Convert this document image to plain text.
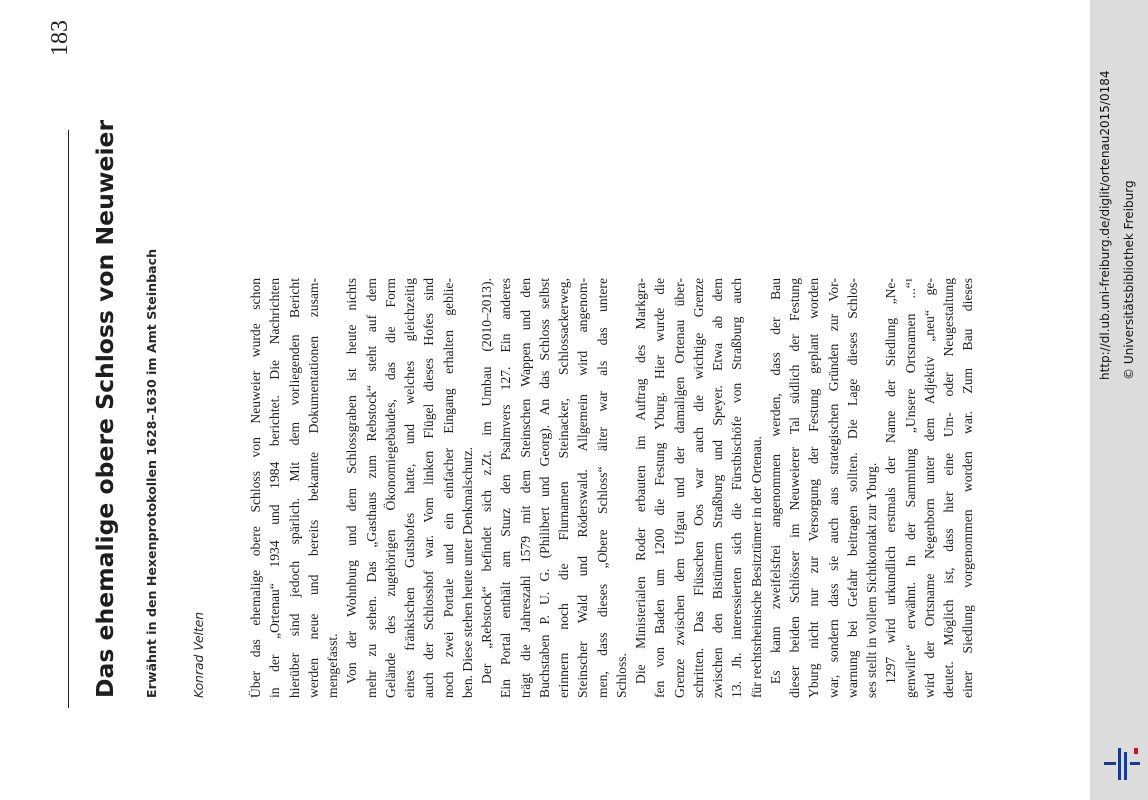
183
Das ehemalige obere Schloss von Neuweier Erwähnt in den Hexenprotokollen 1628–1630 im Amt Steinbach	Konrad Velten	Über das ehemalige obere Schloss von Neuweier wurde schon in der „Ortenau“ 1934 und 1984 berichtet. Die Nachrichten hierüber sind jedoch spärlich. Mit dem vorliegenden Bericht werden neue und bereits bekannte Dokumentationen zusam- mengefasst. Von der Wohnburg und dem Schlossgraben ist heute nichts mehr zu sehen. Das „Gasthaus zum Rebstock“ steht auf dem Gelände des zugehörigen Ökonomiegebäudes, das die Form eines fränkischen Gutshofes hatte, und welches gleichzeitig auch der Schlosshof war. Vom linken Flügel dieses Hofes sind noch zwei Portale und ein einfacher Eingang erhalten geblie- ben. Diese stehen heute unter Denkmalschutz. Der „Rebstock“ befindet sich z.Zt. im Umbau (2010–2013). Ein Portal enthält am Sturz den Psalmvers 127. Ein anderes trägt die Jahreszahl 1579 mit dem Steinschen Wappen und den Buchstaben P. U. G. (Philibert und Georg). An das Schloss selbst erinnern noch die Flurnamen Steinacker, Schlossackerweg, Steinscher Wald und Röderswald. Allgemein wird angenom- men, dass dieses „Obere Schloss“ älter war als das untere Schloss. Die Ministerialen Roder erbauten im Auftrag des Markgra- fen von Baden um 1200 die Festung Yburg. Hier wurde die Grenze zwischen dem Ufgau und der damaligen Ortenau über- schritten. Das Flüsschen Oos war auch die wichtige Grenze zwischen den Bistümern Straßburg und Speyer. Etwa ab dem 13. Jh. interessierten sich die Fürstbischöfe von Straßburg auch für rechtsrheinische Besitztümer in der Ortenau. Es kann zweifelsfrei angenommen werden, dass der Bau dieser beiden Schlösser im Neuweierer Tal südlich der Festung Yburg nicht nur zur Versorgung der Festung geplant worden war, sondern dass sie auch aus strategischen Gründen zur Vor- warnung bei Gefahr beitragen sollten. Die Lage dieses Schlos- ses stellt in vollem Sichtkontakt zur Yburg. 1297 wird urkundlich erstmals der Name der Siedlung „Ne- genwilre“ erwähnt. In der Sammlung „Unsere Ortsnamen ...“¹ wird der Ortsname Negenborn unter dem Adjektiv „neu“ ge- deutet. Möglich ist, dass hier eine Um- oder Neugestaltung einer Siedlung vorgenommen worden war. Zum Bau dieses
http://dl.ub.uni-freiburg.de/diglit/ortenau2015/0184 © Universitätsbibliothek Freiburg
